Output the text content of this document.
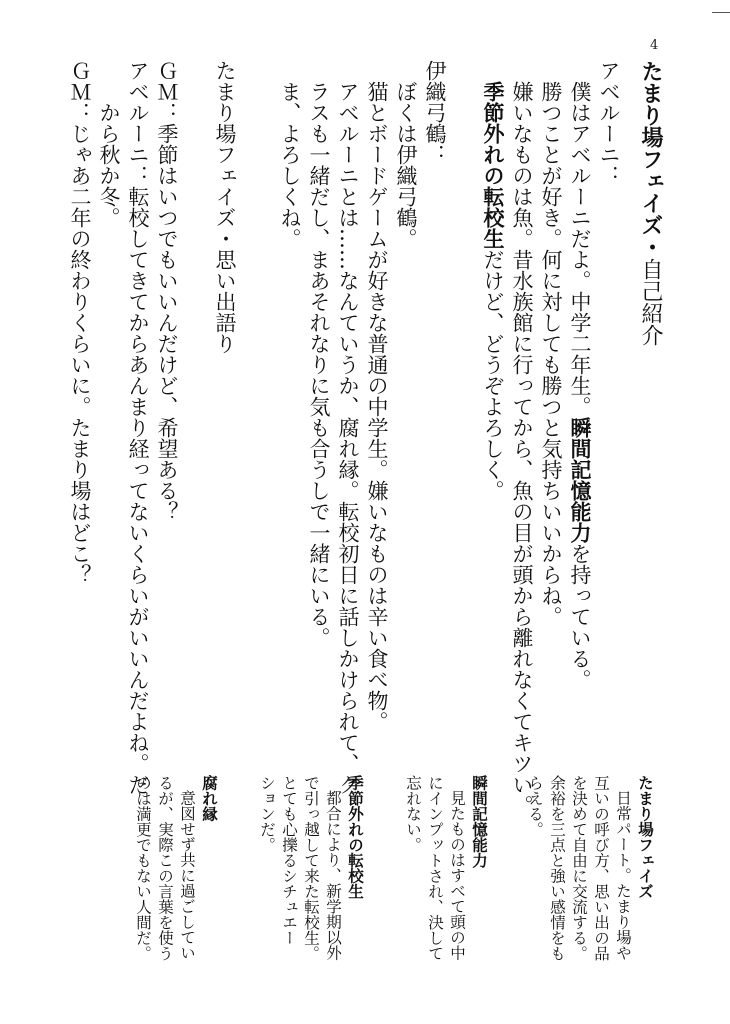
4
たまり場フェイズ・自己紹介
アベルーニ：
僕はアベルーニだよ。中学二年生。瞬間記憶能力を持っている。
勝つことが好き。何に対しても勝つと気持ちいいからね。
嫌いなものは魚。昔水族館に行ってから、魚の目が頭から離れなくてキツい。
季節外れの転校生だけど、どうぞよろしく。
伊織弓鶴：
ぼくは伊織弓鶴。
猫とボードゲームが好きな普通の中学生。嫌いなものは辛い食べ物。
アベルーニとは……なんていうか、腐れ縁。転校初日に話しかけられて、ク
ラスも一緒だし、まあそれなりに気も合うしで一緒にいる。
ま、よろしくね。
たまり場フェイズ・思い出語り
ＧＭ：季節はいつでもいいんだけど、希望ある？
アベルーニ：転校してきてからあんまり経ってないくらいがいいんだよね。だ
から秋か冬。
ＧＭ：じゃあ二年の終わりくらいに。たまり場はどこ？
たまり場フェイズ
日常パート。たまり場や
互いの呼び方、思い出の品
を決めて自由に交流する。
余裕を三点と強い感情をも
らえる。
瞬間記憶能力
見たものはすべて頭の中
にインプットされ、決して
忘れない。
季節外れの転校生
都合により、新学期以外
で引っ越して来た転校生。
とても心擽るシチュエー
ションだ。
腐れ縁
意図せず共に過ごしてい
るが、実際この言葉を使う
のは満更でもない人間だ。
